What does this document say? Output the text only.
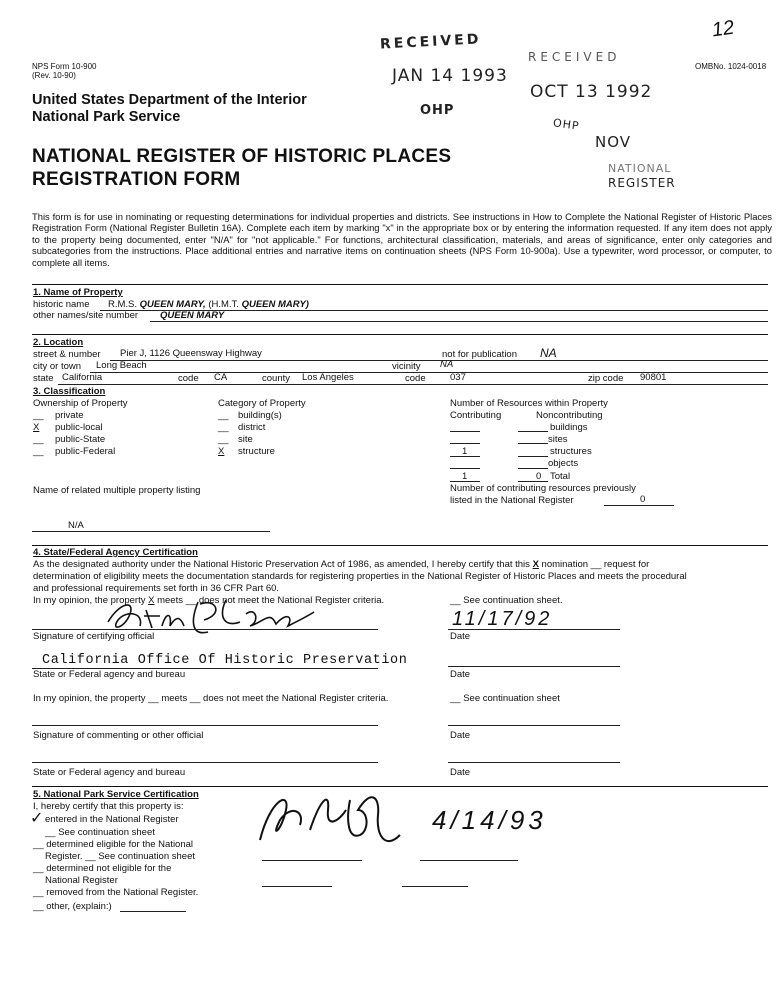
NPS Form 10-900
(Rev. 10-90)
OMBNo. 1024-0018
12
RECEIVED
JAN 14 1993
OHP
RECEIVED
OCT 13 1992
OHP
NOV
NATIONAL
REGISTER
United States Department of the Interior
National Park Service
NATIONAL REGISTER OF HISTORIC PLACES
REGISTRATION FORM
This form is for use in nominating or requesting determinations for individual properties and districts. See instructions in How to Complete the National Register of Historic Places Registration Form (National Register Bulletin 16A). Complete each item by marking "x" in the appropriate box or by entering the information requested. If any item does not apply to the property being documented, enter "N/A" for "not applicable." For functions, architectural classification, materials, and areas of significance, enter only categories and subcategories from the instructions. Place additional entries and narrative items on continuation sheets (NPS Form 10-900a). Use a typewriter, word processor, or computer, to complete all items.
1. Name of Property
historic name R.M.S. QUEEN MARY, (H.M.T. QUEEN MARY)
other names/site number QUEEN MARY
2. Location
street & number Pier J, 1126 Queensway Highway	not for publication NA
city or town Long Beach	vicinity NA
state California	code CA	county Los Angeles	code	037	zip code 90801
3. Classification
Ownership of Property
__ private
X public-local
__ public-State
__ public-Federal
Category of Property
__ building(s)
__ district
__ site
X structure
Number of Resources within Property
Contributing	Noncontributing
buildings
sites
1	structures
objects
1	0 Total
Name of related multiple property listing	Number of contributing resources previously
listed in the National Register	0
N/A
4. State/Federal Agency Certification
As the designated authority under the National Historic Preservation Act of 1986, as amended, I hereby certify that this X nomination __ request for
determination of eligibility meets the documentation standards for registering properties in the National Register of Historic Places and meets the procedural
and professional requirements set forth in 36 CFR Part 60.
In my opinion, the property X meets __ does not meet the National Register criteria.	__ See continuation sheet.
Signature of certifying official
11/17/92
Date
California Office Of Historic Preservation
State or Federal agency and bureau	Date
In my opinion, the property __ meets __ does not meet the National Register criteria.	__ See continuation sheet
Signature of commenting or other official	Date
State or Federal agency and bureau	Date
5. National Park Service Certification
I, hereby certify that this property is:
✓ entered in the National Register
__ See continuation sheet
__ determined eligible for the National
Register. __ See continuation sheet
__ determined not eligible for the
National Register
__ removed from the National Register.
__ other, (explain:)
4/14/93
